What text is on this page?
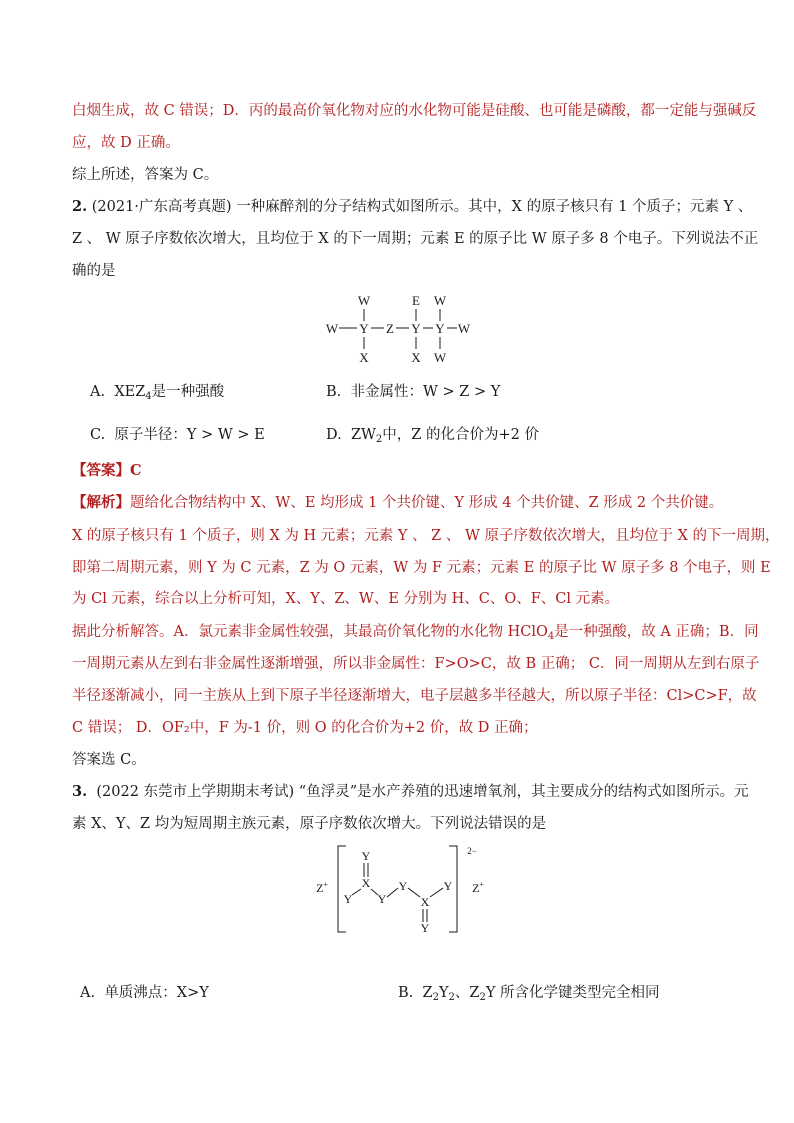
白烟生成，故 C 错误；D．丙的最高价氧化物对应的水化物可能是硅酸、也可能是磷酸，都一定能与强碱反
应，故 D 正确。
综上所述，答案为 C。
2. (2021·广东高考真题) 一种麻醉剂的分子结构式如图所示。其中，X 的原子核只有 1 个质子；元素 Y 、
Z 、 W 原子序数依次增大，且均位于 X 的下一周期；元素 E 的原子比 W 原子多 8 个电子。下列说法不正
确的是
W
W Y Z Y Y W
X
E W
X W
A. $XEZ_4$是一种强酸	B. 非金属性：W > Z > Y
C. 原子半径：Y > W > E	D. $ZW_2$中，Z 的化合价为+2 价
【答案】C
【解析】题给化合物结构中 X、W、E 均形成 1 个共价键、Y 形成 4 个共价键、Z 形成 2 个共价键。
X 的原子核只有 1 个质子，则 X 为 H 元素；元素 Y 、 Z 、 W 原子序数依次增大，且均位于 X 的下一周期，
即第二周期元素，则 Y 为 C 元素，Z 为 O 元素，W 为 F 元素；元素 E 的原子比 W 原子多 8 个电子，则 E
为 Cl 元素，综合以上分析可知，X、Y、Z、W、E 分别为 H、C、O、F、Cl 元素。
据此分析解答。A．氯元素非金属性较强，其最高价氧化物的水化物 HClO$_4$是一种强酸，故 A 正确；B．同
一周期元素从左到右非金属性逐渐增强，所以非金属性：F>O>C，故 B 正确； C．同一周期从左到右原子
半径逐渐减小，同一主族从上到下原子半径逐渐增大，电子层越多半径越大，所以原子半径：Cl>C>F，故
C 错误； D．OF₂中，F 为-1 价，则 O 的化合价为+2 价，故 D 正确；
答案选 C。
3. (2022 东莞市上学期期末考试) “鱼浮灵”是水产养殖的迅速增氧剂，其主要成分的结构式如图所示。元
素 X、Y、Z 均为短周期主族元素，原子序数依次增大。下列说法错误的是
Z+	Z+
2−
Y
X
Y Y
Y	Y
X
Y
Y
A. 单质沸点：X>Y	B. $Z_2Y_2$、$Z_2Y$ 所含化学键类型完全相同
